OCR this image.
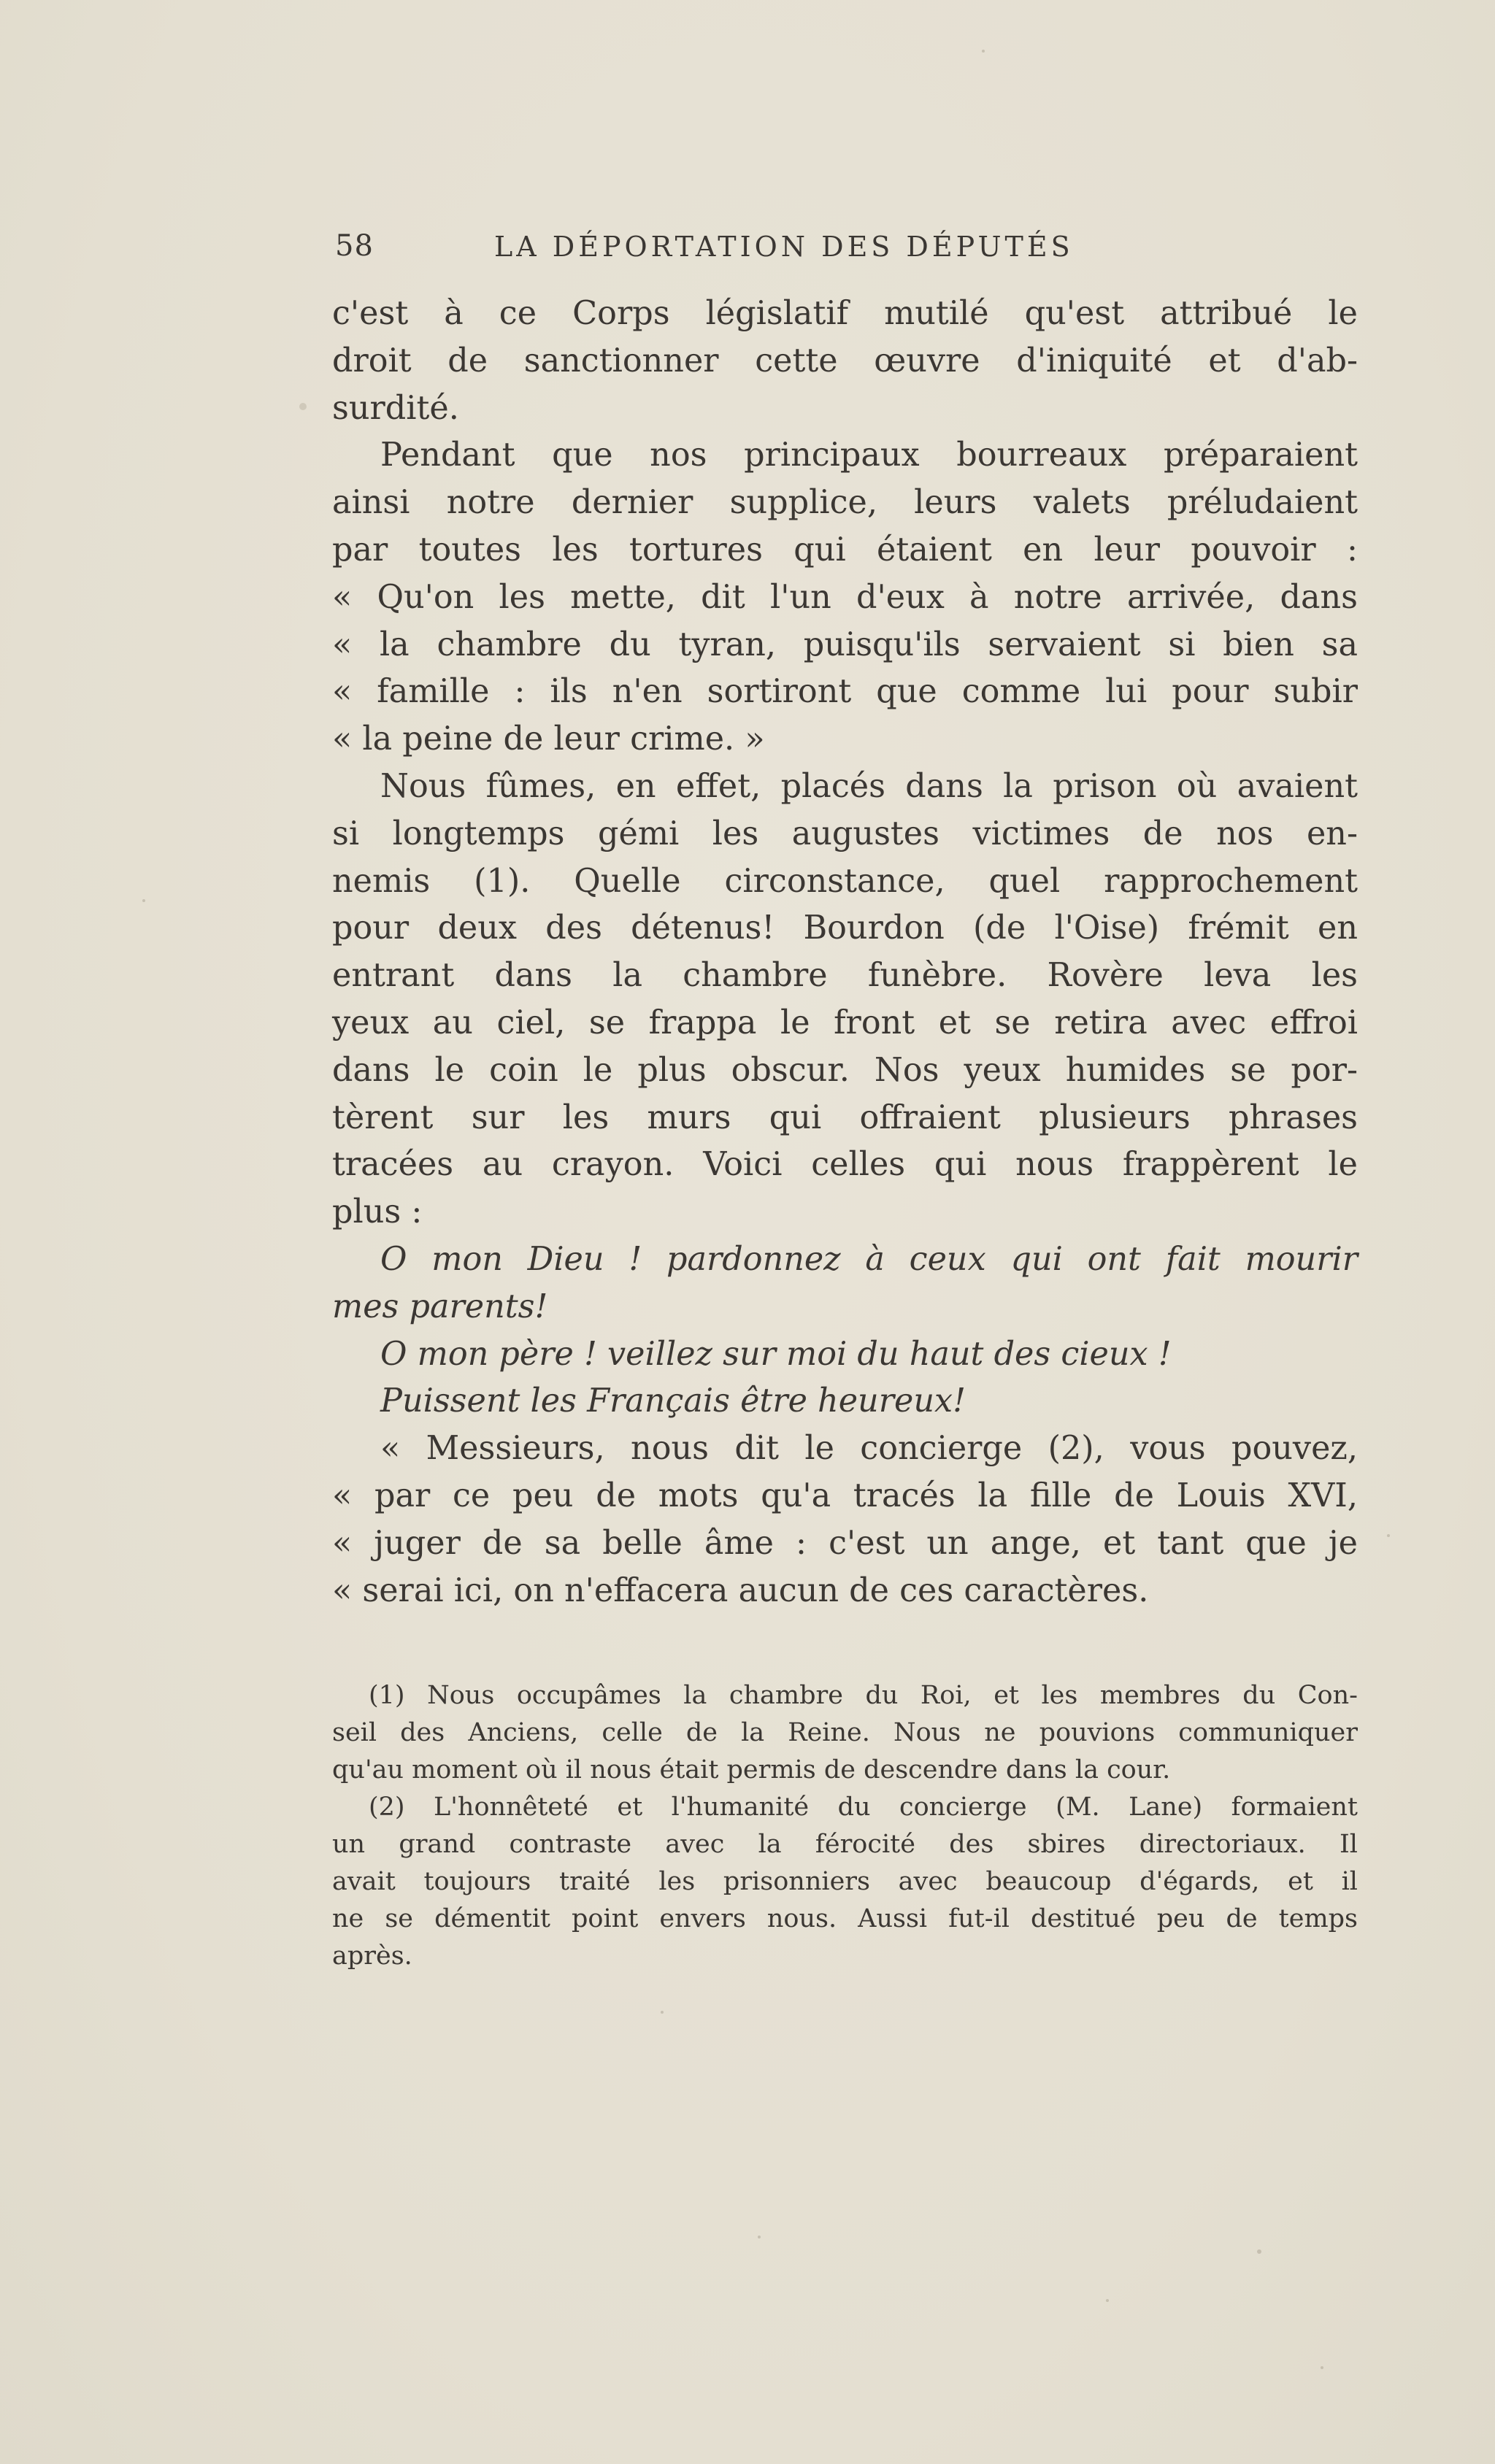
58	LA DÉPORTATION DES DÉPUTÉS
c'est à ce Corps législatif mutilé qu'est attribué le
droit de sanctionner cette œuvre d'iniquité et d'ab-
surdité.
Pendant que nos principaux bourreaux préparaient
ainsi notre dernier supplice, leurs valets préludaient
par toutes les tortures qui étaient en leur pouvoir :
« Qu'on les mette, dit l'un d'eux à notre arrivée, dans
« la chambre du tyran, puisqu'ils servaient si bien sa
« famille : ils n'en sortiront que comme lui pour subir
« la peine de leur crime. »
Nous fûmes, en effet, placés dans la prison où avaient
si longtemps gémi les augustes victimes de nos en-
nemis (1). Quelle circonstance, quel rapprochement
pour deux des détenus! Bourdon (de l'Oise) frémit en
entrant dans la chambre funèbre. Rovère leva les
yeux au ciel, se frappa le front et se retira avec effroi
dans le coin le plus obscur. Nos yeux humides se por-
tèrent sur les murs qui offraient plusieurs phrases
tracées au crayon. Voici celles qui nous frappèrent le
plus :
O mon Dieu ! pardonnez à ceux qui ont fait mourir
mes parents!
O mon père ! veillez sur moi du haut des cieux !
Puissent les Français être heureux!
« Messieurs, nous dit le concierge (2), vous pouvez,
« par ce peu de mots qu'a tracés la fille de Louis XVI,
« juger de sa belle âme : c'est un ange, et tant que je
« serai ici, on n'effacera aucun de ces caractères.
(1) Nous occupâmes la chambre du Roi, et les membres du Con-
seil des Anciens, celle de la Reine. Nous ne pouvions communiquer
qu'au moment où il nous était permis de descendre dans la cour.
(2) L'honnêteté et l'humanité du concierge (M. Lane) formaient
un grand contraste avec la férocité des sbires directoriaux. Il
avait toujours traité les prisonniers avec beaucoup d'égards, et il
ne se démentit point envers nous. Aussi fut-il destitué peu de temps
après.
